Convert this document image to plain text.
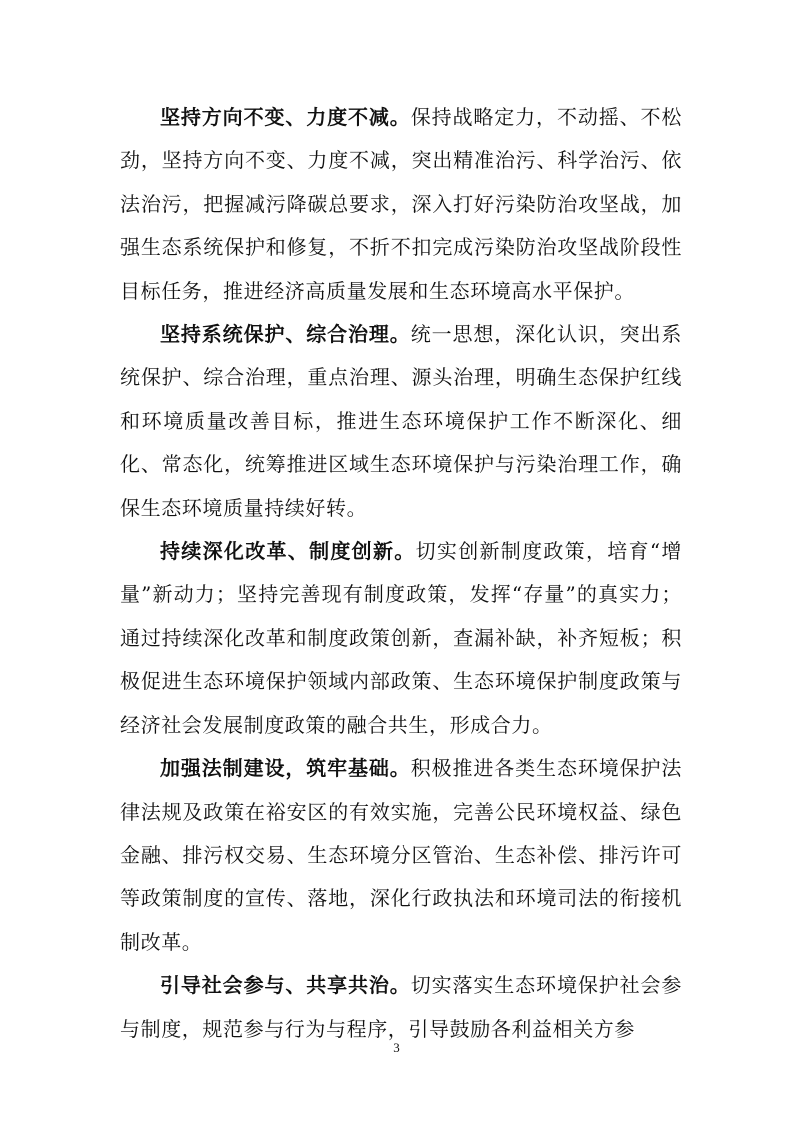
坚持方向不变、力度不减。保持战略定力，不动摇、不松劲，坚持方向不变、力度不减，突出精准治污、科学治污、依法治污，把握减污降碳总要求，深入打好污染防治攻坚战，加强生态系统保护和修复，不折不扣完成污染防治攻坚战阶段性目标任务，推进经济高质量发展和生态环境高水平保护。

坚持系统保护、综合治理。统一思想，深化认识，突出系统保护、综合治理，重点治理、源头治理，明确生态保护红线和环境质量改善目标，推进生态环境保护工作不断深化、细化、常态化，统筹推进区域生态环境保护与污染治理工作，确保生态环境质量持续好转。

持续深化改革、制度创新。切实创新制度政策，培育“增量”新动力；坚持完善现有制度政策，发挥“存量”的真实力；通过持续深化改革和制度政策创新，查漏补缺，补齐短板；积极促进生态环境保护领域内部政策、生态环境保护制度政策与经济社会发展制度政策的融合共生，形成合力。

加强法制建设，筑牢基础。积极推进各类生态环境保护法律法规及政策在裕安区的有效实施，完善公民环境权益、绿色金融、排污权交易、生态环境分区管治、生态补偿、排污许可等政策制度的宣传、落地，深化行政执法和环境司法的衔接机制改革。

引导社会参与、共享共治。切实落实生态环境保护社会参与制度，规范参与行为与程序，引导鼓励各利益相关方参

3
